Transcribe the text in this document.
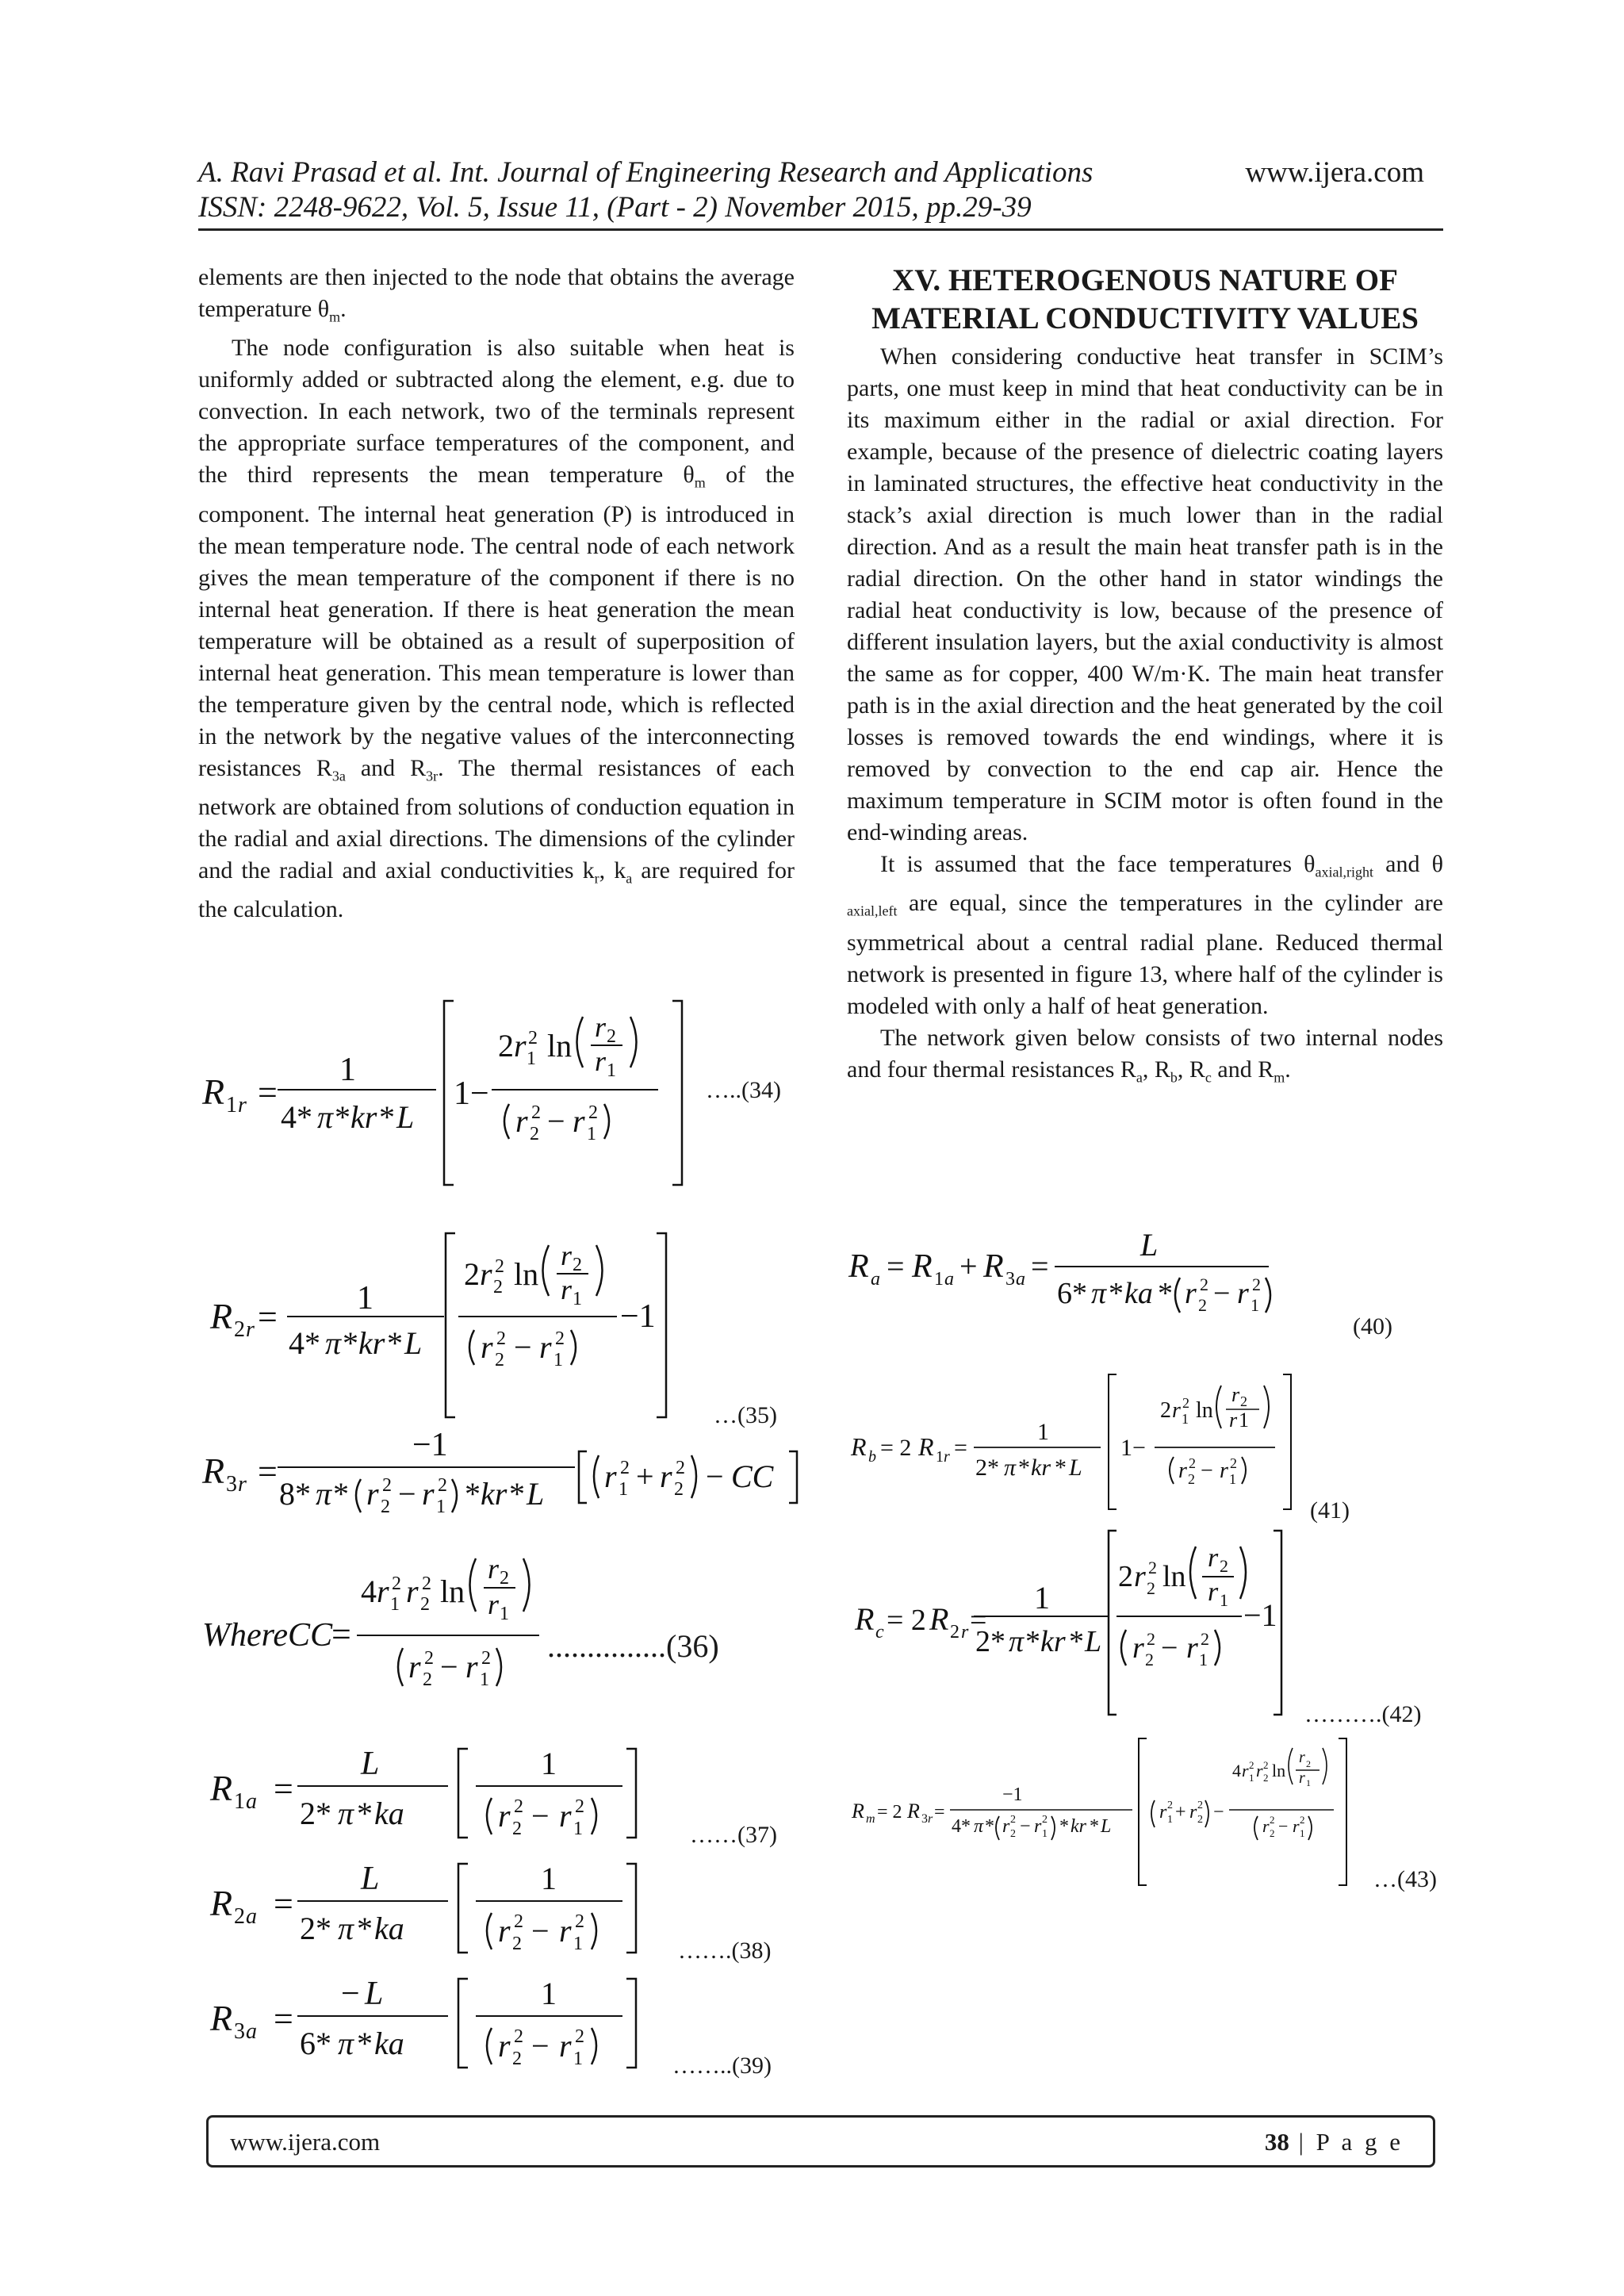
A. Ravi Prasad et al. Int. Journal of Engineering Research and Applications	www.ijera.com
ISSN: 2248-9622, Vol. 5, Issue 11, (Part - 2) November 2015, pp.29-39

elements are then injected to the node that obtains the average temperature $\theta_m$.

The node configuration is also suitable when heat is uniformly added or subtracted along the element, e.g. due to convection. In each network, two of the terminals represent the appropriate surface temperatures of the component, and the third represents the mean temperature $\theta_m$ of the component. The internal heat generation (P) is introduced in the mean temperature node. The central node of each network gives the mean temperature of the component if there is no internal heat generation. If there is heat generation the mean temperature will be obtained as a result of superposition of internal heat generation. This mean temperature is lower than the temperature given by the central node, which is reflected in the network by the negative values of the interconnecting resistances $R_{3a}$ and $R_{3r}$. The thermal resistances of each network are obtained from solutions of conduction equation in the radial and axial directions. The dimensions of the cylinder and the radial and axial conductivities $k_r$, $k_a$ are required for the calculation.

XV. HETEROGENOUS NATURE OF MATERIAL CONDUCTIVITY VALUES

When considering conductive heat transfer in SCIM’s parts, one must keep in mind that heat conductivity can be in its maximum either in the radial or axial direction. For example, because of the presence of dielectric coating layers in laminated structures, the effective heat conductivity in the stack’s axial direction is much lower than in the radial direction. And as a result the main heat transfer path is in the radial direction. On the other hand in stator windings the radial heat conductivity is low, because of the presence of different insulation layers, but the axial conductivity is almost the same as for copper, 400 W/m·K. The main heat transfer path is in the axial direction and the heat generated by the coil losses is removed towards the end windings, where it is removed by convection to the end cap air. Hence the maximum temperature in SCIM motor is often found in the end-winding areas.

It is assumed that the face temperatures $\theta_{axial,right}$ and θ $_{axial,left}$ are equal, since the temperatures in the cylinder are symmetrical about a central radial plane. Reduced thermal network is presented in figure 13, where half of the cylinder is modeled with only a half of heat generation.

The network given below consists of two internal nodes and four thermal resistances $R_a$, $R_b$, $R_c$ and $R_m$.

R 1 r =
1
4* π * kr * L
1−
2 r 1
2 ln
r 2
r 1
r 2
2 − r 1
2
…..(34)
R 2 r = 1
4* π * kr * L
2 r 2
2 ln
r 2
r 1
r 2
2 − r 1
2
−1
…(35)
R 3 r =
−1
8* π * r 2
2 − r 1
2 * kr * L r 1
2 + r 2
2 − CC
WhereCC
=
4 r 1
2 r 2
2 ln
r 2
r 1
r 2
2 − r 1
2 ...............(36)
R 1 a =
L
2* π * ka
1
r 2
2 − r 1
2
……(37)
R 2 a =
L
2* π * ka
1
r 2
2 − r 1
2
…….(38)
R 3 a =
− L
6* π * ka
1
r 2
2 − r 1
2
……..(39)
R a = R 1 a + R 3 a =
L
6* π * ka * r 2
2 − r 1
2
(40)
R b = 2 R 1 r =
1
2* π * kr * L
1−
2 r 1
2 ln
r 2
r 1
r 2
2 − r 1
2
(41)
R c = 2 R 2 r =
1
2* π * kr * L
2 r 2
2 ln
r 2
r 1
r 2
2 − r 1
2
−1
……….(42)
R m = 2 R 3 r =
−1
4* π * r 2
2 − r 1
2 * kr * L
r 1
2 + r 2
2 −
4 r 1
2 r 2
2 ln
r 2
r 1
r 2
2 − r 1
2
…(43)
www.ijera.com	38 | P a g e
